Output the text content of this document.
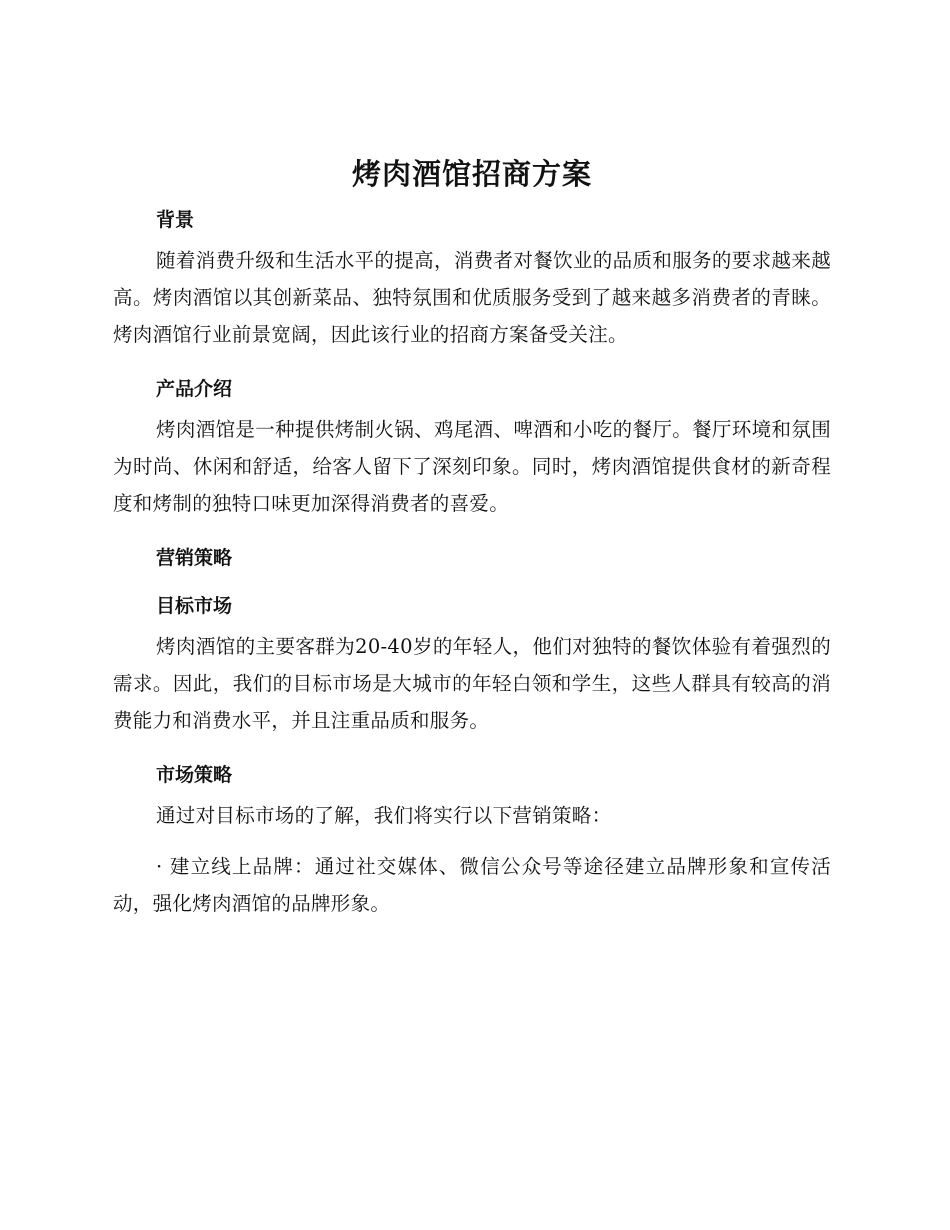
烤肉酒馆招商方案
背景

随着消费升级和生活水平的提高，消费者对餐饮业的品质和服务的要求越来越高。烤肉酒馆以其创新菜品、独特氛围和优质服务受到了越来越多消费者的青睐。烤肉酒馆行业前景宽阔，因此该行业的招商方案备受关注。

产品介绍

烤肉酒馆是一种提供烤制火锅、鸡尾酒、啤酒和小吃的餐厅。餐厅环境和氛围为时尚、休闲和舒适，给客人留下了深刻印象。同时，烤肉酒馆提供食材的新奇程度和烤制的独特口味更加深得消费者的喜爱。

营销策略
目标市场

烤肉酒馆的主要客群为20-40岁的年轻人，他们对独特的餐饮体验有着强烈的需求。因此，我们的目标市场是大城市的年轻白领和学生，这些人群具有较高的消费能力和消费水平，并且注重品质和服务。

市场策略

通过对目标市场的了解，我们将实行以下营销策略：

· 建立线上品牌：通过社交媒体、微信公众号等途径建立品牌形象和宣传活动，强化烤肉酒馆的品牌形象。
